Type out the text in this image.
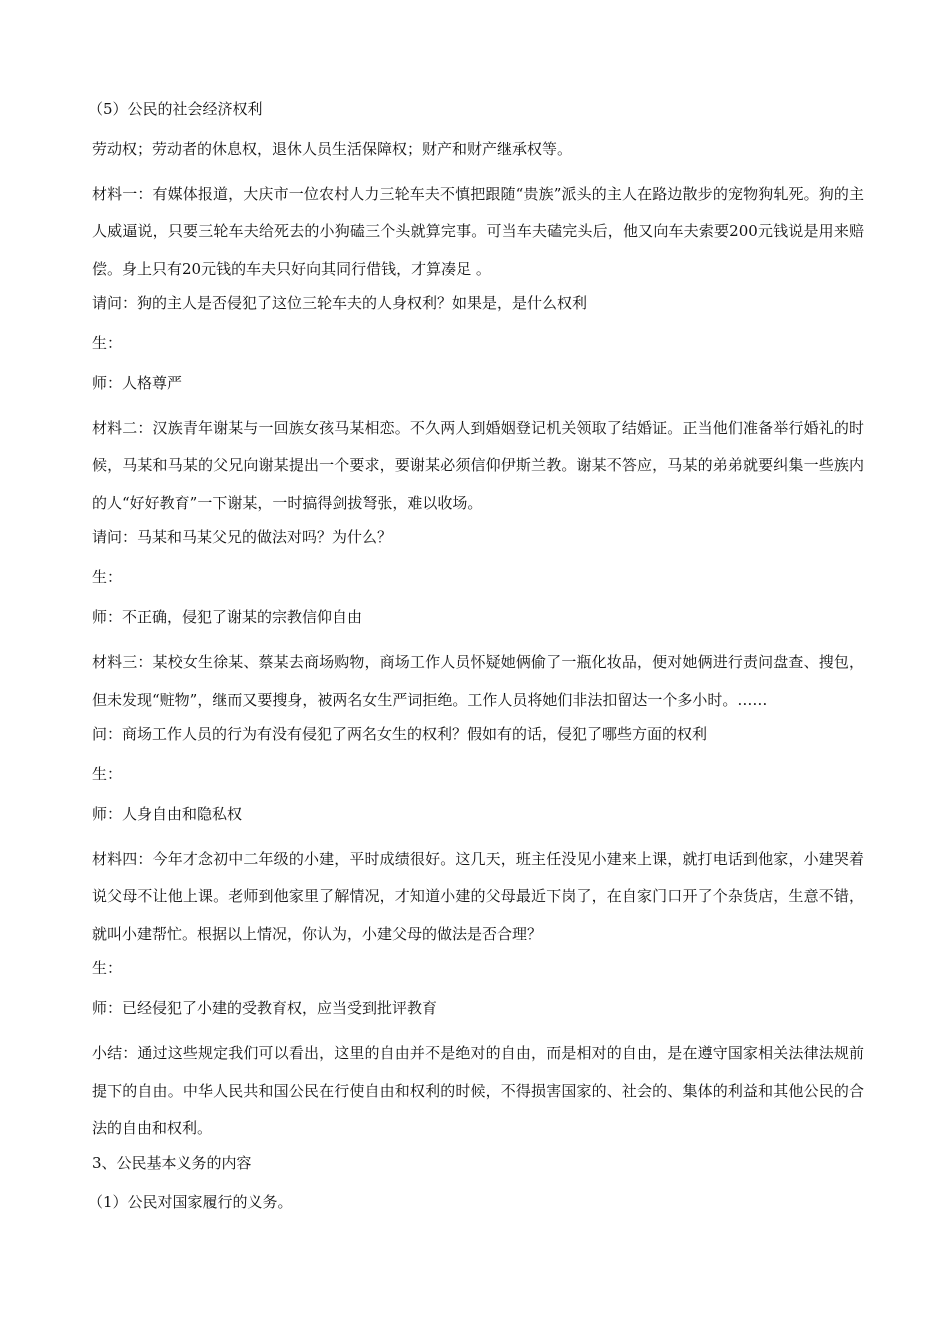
（5）公民的社会经济权利
劳动权；劳动者的休息权，退休人员生活保障权；财产和财产继承权等。
材料一：有媒体报道，大庆市一位农村人力三轮车夫不慎把跟随“贵族”派头的主人在路边散步的宠物狗轧死。狗的主人威逼说，只要三轮车夫给死去的小狗磕三个头就算完事。可当车夫磕完头后，他又向车夫索要200元钱说是用来赔偿。身上只有20元钱的车夫只好向其同行借钱，才算凑足 。
请问：狗的主人是否侵犯了这位三轮车夫的人身权利？如果是，是什么权利
生：
师：人格尊严
材料二：汉族青年谢某与一回族女孩马某相恋。不久两人到婚姻登记机关领取了结婚证。正当他们准备举行婚礼的时候，马某和马某的父兄向谢某提出一个要求，要谢某必须信仰伊斯兰教。谢某不答应，马某的弟弟就要纠集一些族内的人“好好教育”一下谢某，一时搞得剑拔弩张，难以收场。
请问：马某和马某父兄的做法对吗？为什么？
生：
师：不正确，侵犯了谢某的宗教信仰自由
材料三：某校女生徐某、蔡某去商场购物，商场工作人员怀疑她俩偷了一瓶化妆品，便对她俩进行责问盘查、搜包，但未发现“赃物”，继而又要搜身，被两名女生严词拒绝。工作人员将她们非法扣留达一个多小时。……
问：商场工作人员的行为有没有侵犯了两名女生的权利？假如有的话，侵犯了哪些方面的权利
生：
师：人身自由和隐私权
材料四：今年才念初中二年级的小建，平时成绩很好。这几天，班主任没见小建来上课，就打电话到他家，小建哭着说父母不让他上课。老师到他家里了解情况，才知道小建的父母最近下岗了，在自家门口开了个杂货店，生意不错，就叫小建帮忙。根据以上情况，你认为，小建父母的做法是否合理？
生：
师：已经侵犯了小建的受教育权，应当受到批评教育
小结：通过这些规定我们可以看出，这里的自由并不是绝对的自由，而是相对的自由，是在遵守国家相关法律法规前提下的自由。中华人民共和国公民在行使自由和权利的时候，不得损害国家的、社会的、集体的利益和其他公民的合法的自由和权利。
3、公民基本义务的内容
（1）公民对国家履行的义务。
